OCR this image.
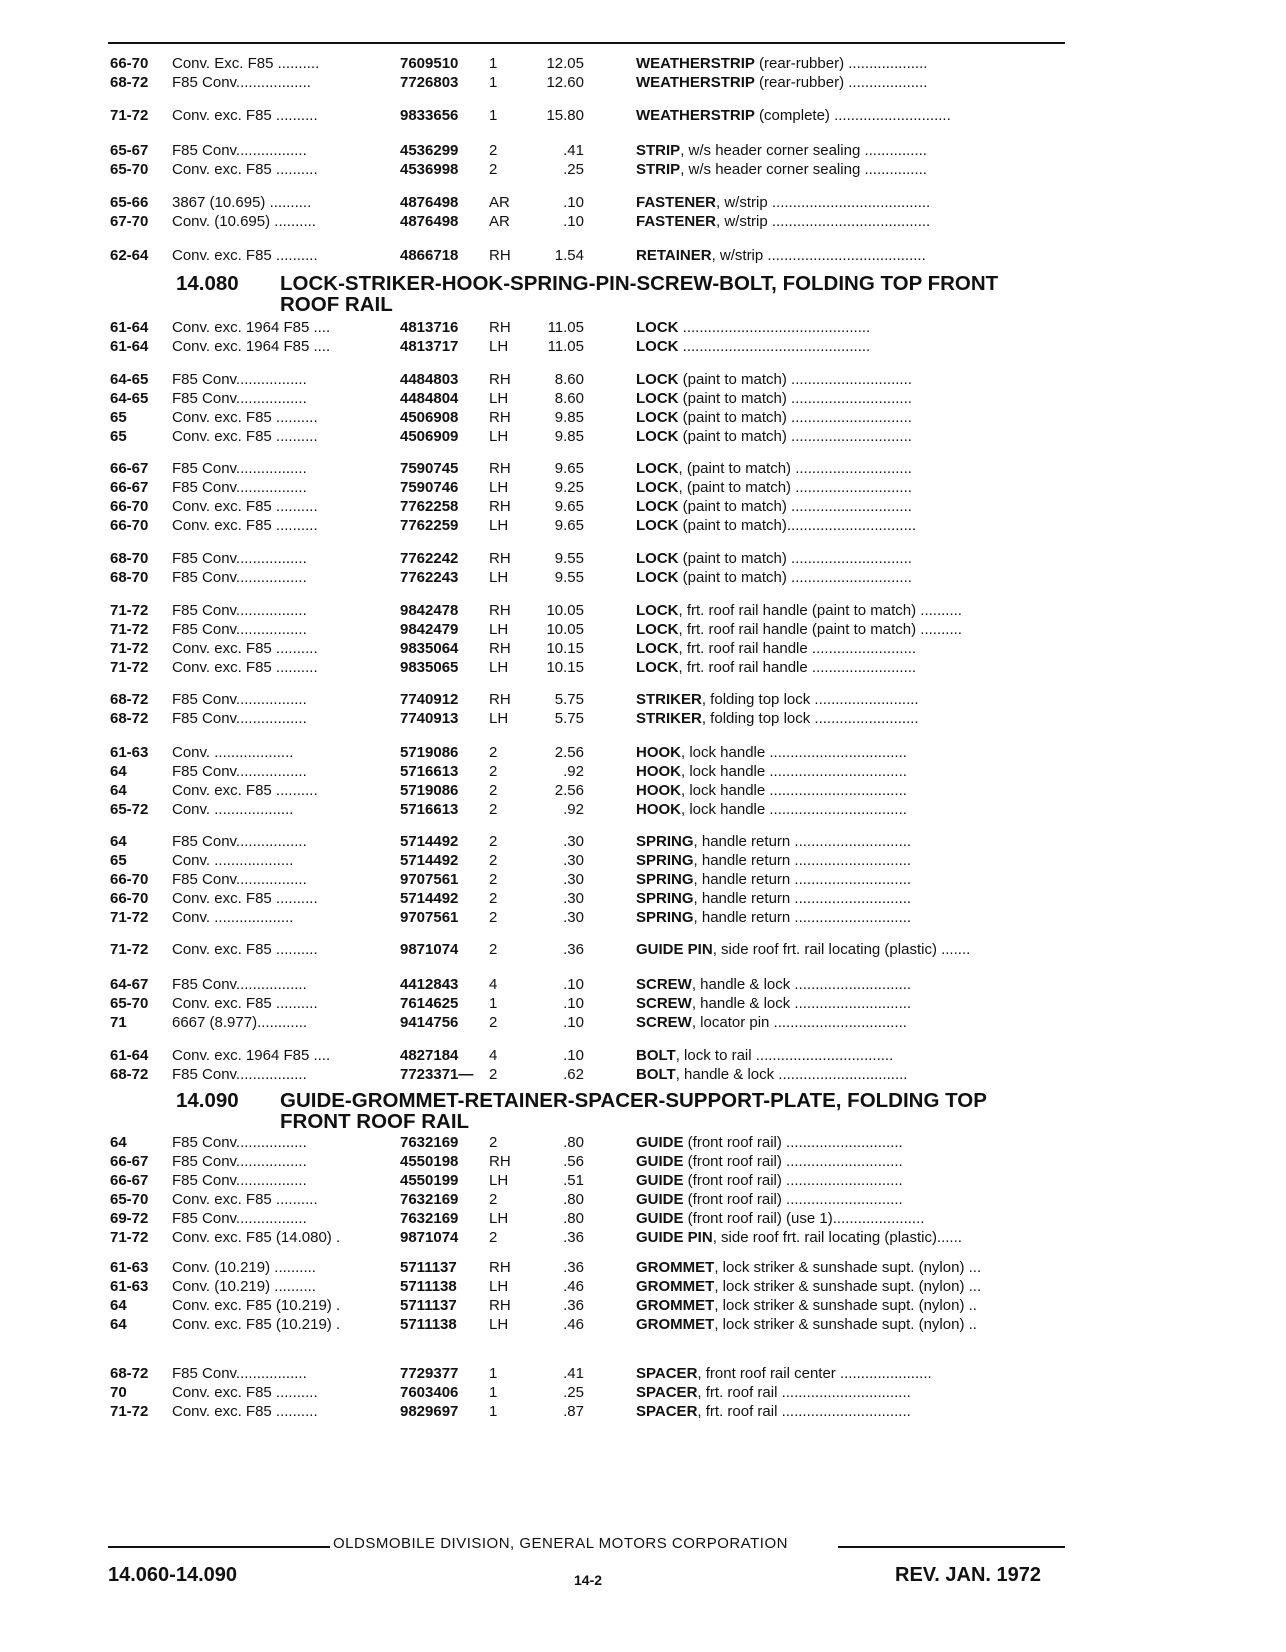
14.080 LOCK-STRIKER-HOOK-SPRING-PIN-SCREW-BOLT, FOLDING TOP FRONT
ROOF RAIL
14.090 GUIDE-GROMMET-RETAINER-SPACER-SUPPORT-PLATE, FOLDING TOP
FRONT ROOF RAIL
66-70 Conv. Exc. F85 ..........	7609510 1	12.05	WEATHERSTRIP (rear-rubber) ...................
68-72 F85 Conv..................	7726803 1	12.60	WEATHERSTRIP (rear-rubber) ...................
71-72 Conv. exc. F85 ..........	9833656 1	15.80	WEATHERSTRIP (complete) ............................
65-67 F85 Conv.................	4536299 2	.41	STRIP, w/s header corner sealing ...............
65-70 Conv. exc. F85 ..........	4536998 2	.25	STRIP, w/s header corner sealing ...............
65-66 3867 (10.695) ..........	4876498 AR	.10	FASTENER, w/strip ......................................
67-70 Conv. (10.695) ..........	4876498 AR	.10	FASTENER, w/strip ......................................
62-64 Conv. exc. F85 ..........	4866718 RH	1.54	RETAINER, w/strip ......................................
61-64 Conv. exc. 1964 F85 ....	4813716 RH	11.05	LOCK .............................................
61-64 Conv. exc. 1964 F85 ....	4813717 LH	11.05	LOCK .............................................
64-65 F85 Conv.................	4484803 RH	8.60	LOCK (paint to match) .............................
64-65 F85 Conv.................	4484804 LH	8.60	LOCK (paint to match) .............................
65	Conv. exc. F85 ..........	4506908 RH	9.85	LOCK (paint to match) .............................
65	Conv. exc. F85 ..........	4506909 LH	9.85	LOCK (paint to match) .............................
66-67 F85 Conv.................	7590745 RH	9.65	LOCK, (paint to match) ............................
66-67 F85 Conv.................	7590746 LH	9.25	LOCK, (paint to match) ............................
66-70 Conv. exc. F85 ..........	7762258 RH	9.65	LOCK (paint to match) .............................
66-70 Conv. exc. F85 ..........	7762259 LH	9.65	LOCK (paint to match)...............................
68-70 F85 Conv.................	7762242 RH	9.55	LOCK (paint to match) .............................
68-70 F85 Conv.................	7762243 LH	9.55	LOCK (paint to match) .............................
71-72 F85 Conv.................	9842478 RH	10.05	LOCK, frt. roof rail handle (paint to match) ..........
71-72 F85 Conv.................	9842479 LH	10.05	LOCK, frt. roof rail handle (paint to match) ..........
71-72 Conv. exc. F85 ..........	9835064 RH	10.15	LOCK, frt. roof rail handle .........................
71-72 Conv. exc. F85 ..........	9835065 LH	10.15	LOCK, frt. roof rail handle .........................
68-72 F85 Conv.................	7740912 RH	5.75	STRIKER, folding top lock .........................
68-72 F85 Conv.................	7740913 LH	5.75	STRIKER, folding top lock .........................
61-63 Conv. ...................	5719086 2	2.56	HOOK, lock handle .................................
64	F85 Conv.................	5716613 2	.92	HOOK, lock handle .................................
64	Conv. exc. F85 ..........	5719086 2	2.56	HOOK, lock handle .................................
65-72 Conv. ...................	5716613 2	.92	HOOK, lock handle .................................
64	F85 Conv.................	5714492 2	.30	SPRING, handle return ............................
65	Conv. ...................	5714492 2	.30	SPRING, handle return ............................
66-70 F85 Conv.................	9707561 2	.30	SPRING, handle return ............................
66-70 Conv. exc. F85 ..........	5714492 2	.30	SPRING, handle return ............................
71-72 Conv. ...................	9707561 2	.30	SPRING, handle return ............................
71-72 Conv. exc. F85 ..........	9871074 2	.36	GUIDE PIN, side roof frt. rail locating (plastic) .......
64-67 F85 Conv.................	4412843 4	.10	SCREW, handle & lock ............................
65-70 Conv. exc. F85 ..........	7614625 1	.10	SCREW, handle & lock ............................
71	6667 (8.977)............	9414756 2	.10	SCREW, locator pin ................................
61-64 Conv. exc. 1964 F85 ....	4827184 4	.10	BOLT, lock to rail .................................
68-72 F85 Conv.................	7723371— 2	.62	BOLT, handle & lock ...............................
64	F85 Conv.................	7632169 2	.80	GUIDE (front roof rail) ............................
66-67 F85 Conv.................	4550198 RH	.56	GUIDE (front roof rail) ............................
66-67 F85 Conv.................	4550199 LH	.51	GUIDE (front roof rail) ............................
65-70 Conv. exc. F85 ..........	7632169 2	.80	GUIDE (front roof rail) ............................
69-72 F85 Conv.................	7632169 LH	.80	GUIDE (front roof rail) (use 1)......................
71-72 Conv. exc. F85 (14.080) .	9871074 2	.36	GUIDE PIN, side roof frt. rail locating (plastic)......
61-63 Conv. (10.219) ..........	5711137 RH	.36	GROMMET, lock striker & sunshade supt. (nylon) ...
61-63 Conv. (10.219) ..........	5711138 LH	.46	GROMMET, lock striker & sunshade supt. (nylon) ...
64	Conv. exc. F85 (10.219) .	5711137 RH	.36	GROMMET, lock striker & sunshade supt. (nylon) ..
64	Conv. exc. F85 (10.219) .	5711138 LH	.46	GROMMET, lock striker & sunshade supt. (nylon) ..
68-72 F85 Conv.................	7729377 1	.41	SPACER, front roof rail center ......................
70	Conv. exc. F85 ..........	7603406 1	.25	SPACER, frt. roof rail ...............................
71-72 Conv. exc. F85 ..........	9829697 1	.87	SPACER, frt. roof rail ...............................
OLDSMOBILE DIVISION, GENERAL MOTORS CORPORATION
14.060-14.090	14-2	REV. JAN. 1972
